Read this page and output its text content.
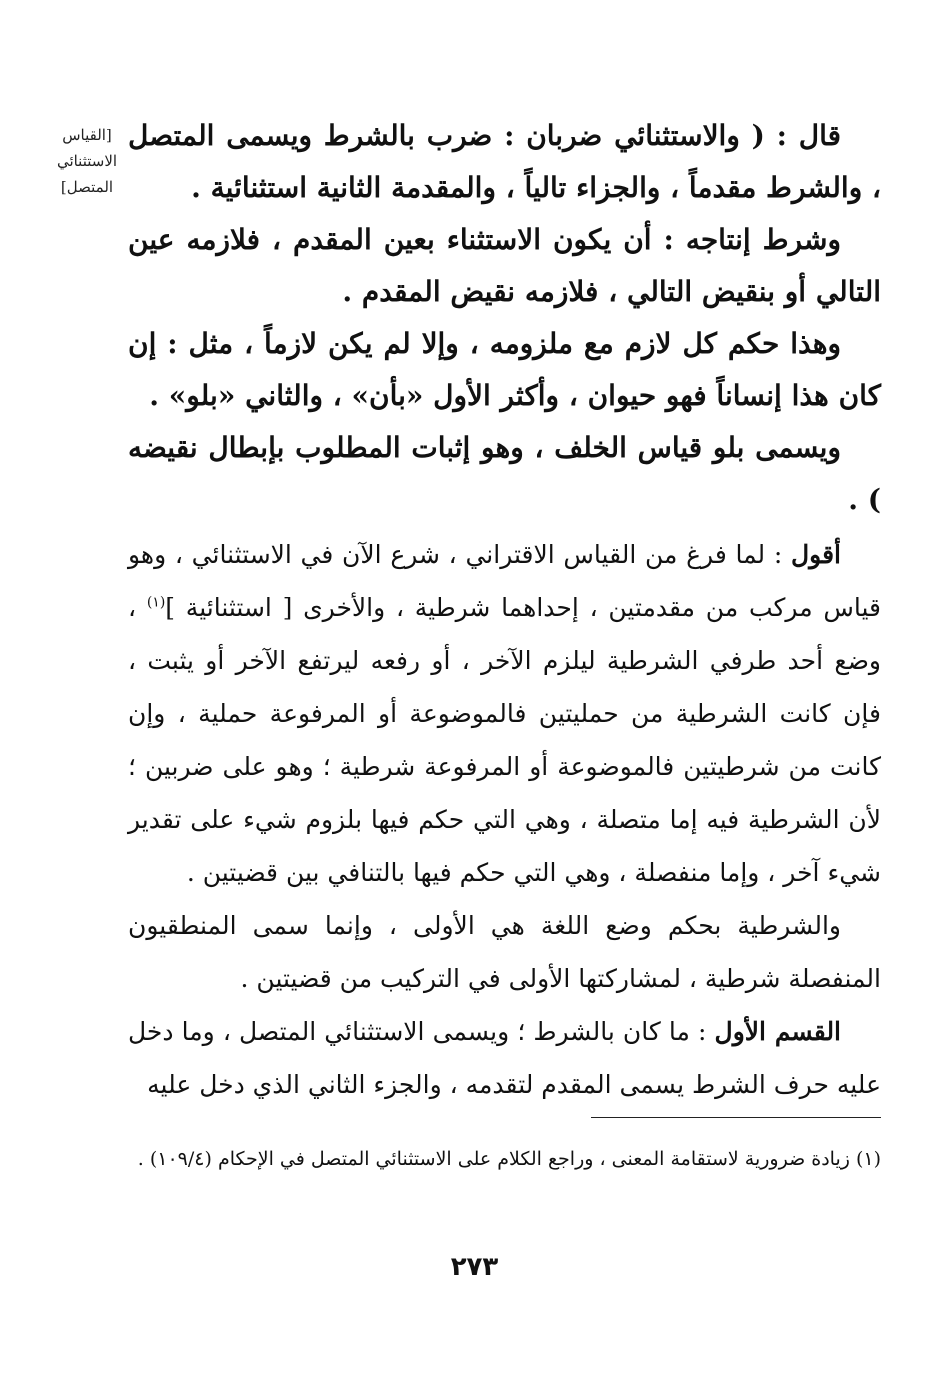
[القياس
الاستثنائي
المتصل]

قال : ( والاستثنائي ضربان : ضرب بالشرط ويسمى المتصل ، والشرط مقدماً ، والجزاء تالياً ، والمقدمة الثانية استثنائية .

وشرط إنتاجه : أن يكون الاستثناء بعين المقدم ، فلازمه عين التالي أو بنقيض التالي ، فلازمه نقيض المقدم .

وهذا حكم كل لازم مع ملزومه ، وإلا لم يكن لازماً ، مثل : إن كان هذا إنساناً فهو حيوان ، وأكثر الأول «بأن» ، والثاني «بلو» .

ويسمى بلو قياس الخلف ، وهو إثبات المطلوب بإبطال نقيضه ) .

أقول : لما فرغ من القياس الاقتراني ، شرع الآن في الاستثنائي ، وهو قياس مركب من مقدمتين ، إحداهما شرطية ، والأخرى [ استثنائية ]$^{(١)}$ ، وضع أحد طرفي الشرطية ليلزم الآخر ، أو رفعه ليرتفع الآخر أو يثبت ، فإن كانت الشرطية من حمليتين فالموضوعة أو المرفوعة حملية ، وإن كانت من شرطيتين فالموضوعة أو المرفوعة شرطية ؛ وهو على ضربين ؛ لأن الشرطية فيه إما متصلة ، وهي التي حكم فيها بلزوم شيء على تقدير شيء آخر ، وإما منفصلة ، وهي التي حكم فيها بالتنافي بين قضيتين .

والشرطية بحكم وضع اللغة هي الأولى ، وإنما سمى المنطقيون المنفصلة شرطية ، لمشاركتها الأولى في التركيب من قضيتين .

القسم الأول : ما كان بالشرط ؛ ويسمى الاستثنائي المتصل ، وما دخل عليه حرف الشرط يسمى المقدم لتقدمه ، والجزء الثاني الذي دخل عليه

(١) زيادة ضرورية لاستقامة المعنى ، وراجع الكلام على الاستثنائي المتصل في الإحكام (١٠٩/٤) .
٢٧٣
